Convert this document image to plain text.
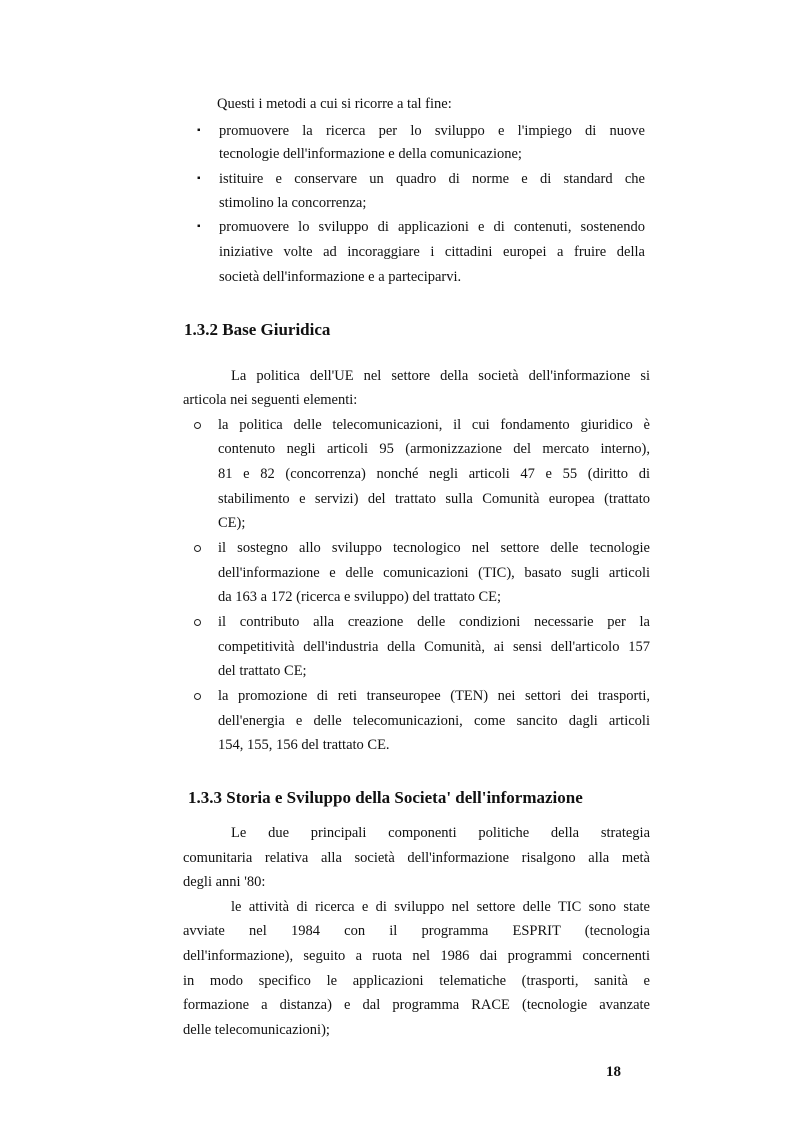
Questi i metodi a cui si ricorre a tal fine:
▪ promuovere la ricerca per lo sviluppo e l'impiego di nuove
tecnologie dell'informazione e della comunicazione;
▪ istituire e conservare un quadro di norme e di standard che
stimolino la concorrenza;
▪ promuovere lo sviluppo di applicazioni e di contenuti, sostenendo
iniziative volte ad incoraggiare i cittadini europei a fruire della
società dell'informazione e a parteciparvi.
1.3.2 Base Giuridica
La politica dell'UE nel settore della società dell'informazione si
articola nei seguenti elementi:
la politica delle telecomunicazioni, il cui fondamento giuridico è
contenuto negli articoli 95 (armonizzazione del mercato interno),
81 e 82 (concorrenza) nonché negli articoli 47 e 55 (diritto di
stabilimento e servizi) del trattato sulla Comunità europea (trattato
CE);
il sostegno allo sviluppo tecnologico nel settore delle tecnologie
dell'informazione e delle comunicazioni (TIC), basato sugli articoli
da 163 a 172 (ricerca e sviluppo) del trattato CE;
il contributo alla creazione delle condizioni necessarie per la
competitività dell'industria della Comunità, ai sensi dell'articolo 157
del trattato CE;
la promozione di reti transeuropee (TEN) nei settori dei trasporti,
dell'energia e delle telecomunicazioni, come sancito dagli articoli
154, 155, 156 del trattato CE.
1.3.3 Storia e Sviluppo della Societa' dell'informazione
Le due principali componenti politiche della strategia
comunitaria relativa alla società dell'informazione risalgono alla metà
degli anni '80:
le attività di ricerca e di sviluppo nel settore delle TIC sono state
avviate nel 1984 con il programma ESPRIT (tecnologia
dell'informazione), seguito a ruota nel 1986 dai programmi concernenti
in modo specifico le applicazioni telematiche (trasporti, sanità e
formazione a distanza) e dal programma RACE (tecnologie avanzate
delle telecomunicazioni);
18
